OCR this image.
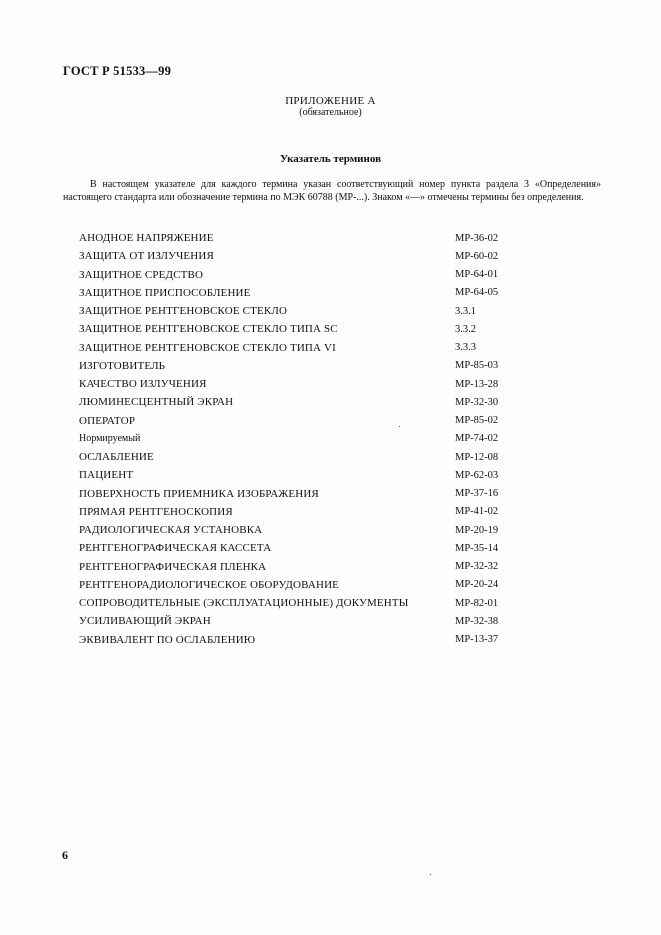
ГОСТ Р 51533—99
ПРИЛОЖЕНИЕ А
(обязательное)
Указатель терминов

В настоящем указателе для каждого термина указан соответствующий номер пункта раздела 3 «Определения» настоящего стандарта или обозначение термина по МЭК 60788 (МР-...). Знаком «—» отмечены термины без определения.

АНОДНОЕ НАПРЯЖЕНИЕ	МР-36-02
ЗАЩИТА ОТ ИЗЛУЧЕНИЯ	МР-60-02
ЗАЩИТНОЕ СРЕДСТВО	МР-64-01
ЗАЩИТНОЕ ПРИСПОСОБЛЕНИЕ	МР-64-05
ЗАЩИТНОЕ РЕНТГЕНОВСКОЕ СТЕКЛО	3.3.1
ЗАЩИТНОЕ РЕНТГЕНОВСКОЕ СТЕКЛО ТИПА SC	3.3.2
ЗАЩИТНОЕ РЕНТГЕНОВСКОЕ СТЕКЛО ТИПА VI	3.3.3
ИЗГОТОВИТЕЛЬ	МР-85-03
КАЧЕСТВО ИЗЛУЧЕНИЯ	МР-13-28
ЛЮМИНЕСЦЕНТНЫЙ ЭКРАН	МР-32-30
ОПЕРАТОР	МР-85-02
Нормируемый	МР-74-02
ОСЛАБЛЕНИЕ	МР-12-08
ПАЦИЕНТ	МР-62-03
ПОВЕРХНОСТЬ ПРИЕМНИКА ИЗОБРАЖЕНИЯ	МР-37-16
ПРЯМАЯ РЕНТГЕНОСКОПИЯ	МР-41-02
РАДИОЛОГИЧЕСКАЯ УСТАНОВКА	МР-20-19
РЕНТГЕНОГРАФИЧЕСКАЯ КАССЕТА	МР-35-14
РЕНТГЕНОГРАФИЧЕСКАЯ ПЛЕНКА	МР-32-32
РЕНТГЕНОРАДИОЛОГИЧЕСКОЕ ОБОРУДОВАНИЕ	МР-20-24
СОПРОВОДИТЕЛЬНЫЕ (ЭКСПЛУАТАЦИОННЫЕ) ДОКУМЕНТЫ	МР-82-01
УСИЛИВАЮЩИЙ ЭКРАН	МР-32-38
ЭКВИВАЛЕНТ ПО ОСЛАБЛЕНИЮ	МР-13-37
6
